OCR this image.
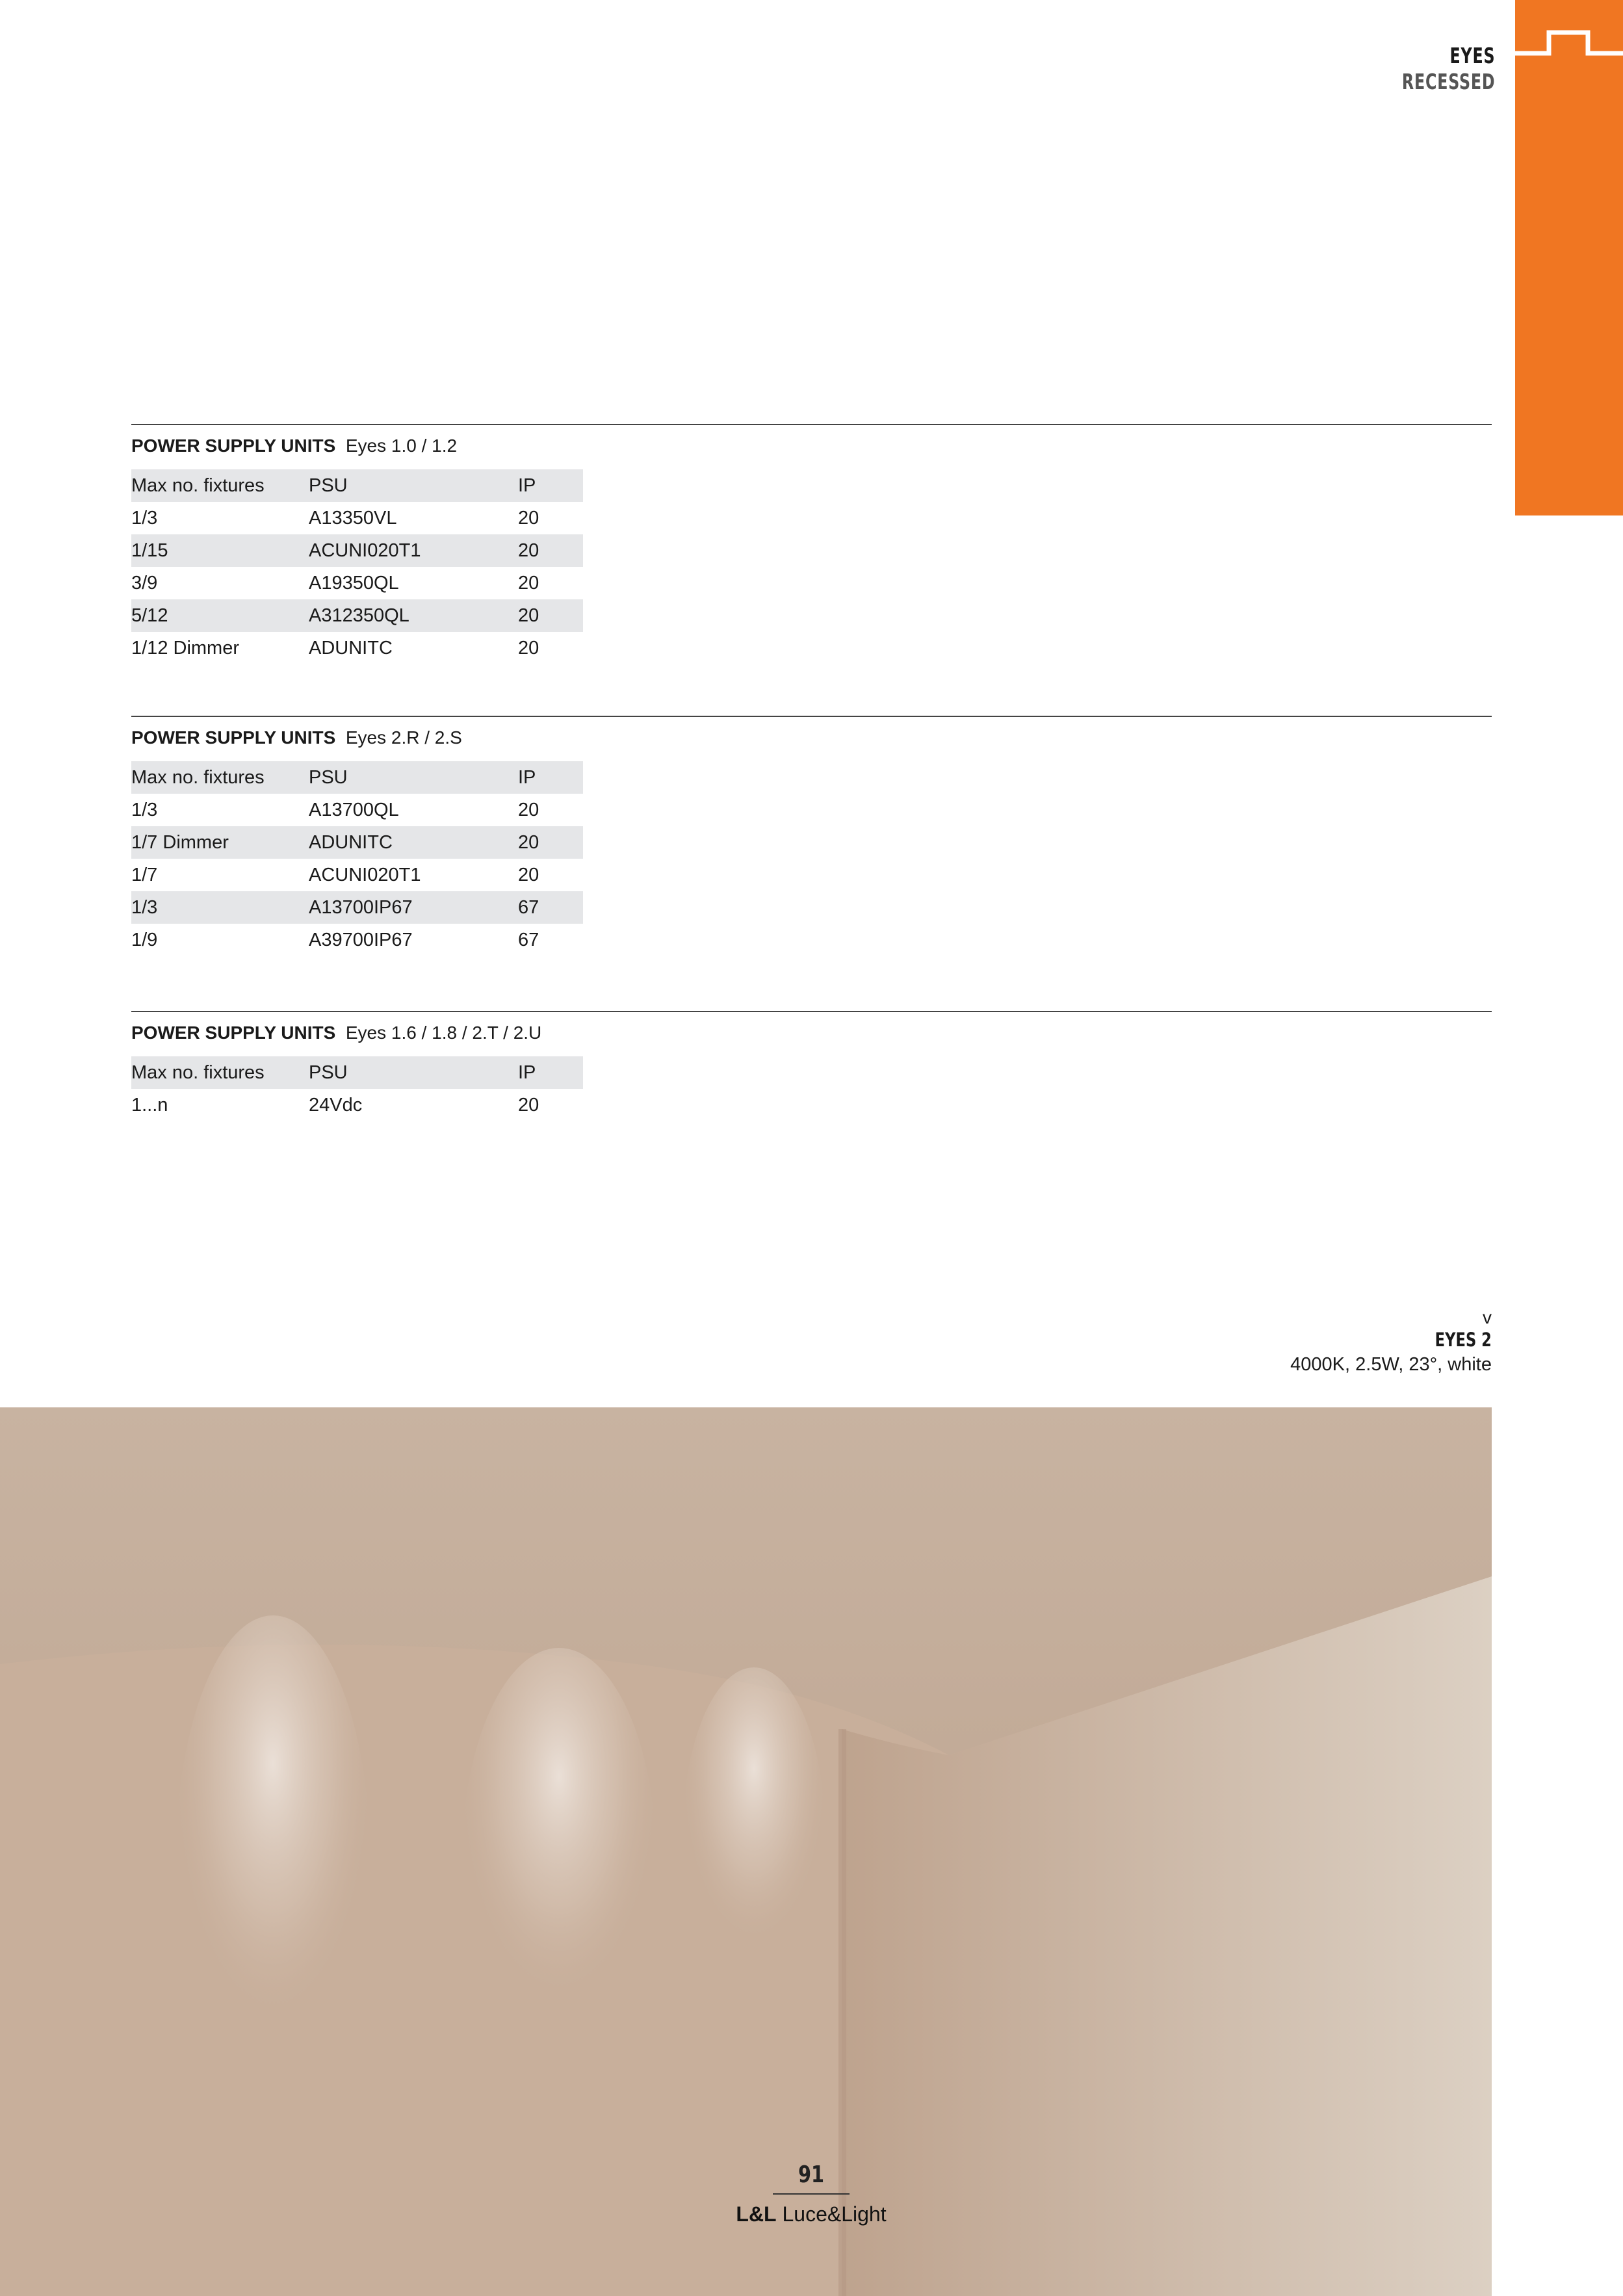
EYES
RECESSED
POWER SUPPLY UNITS Eyes 1.0 / 1.2
Max no. fixtures	PSU	IP
1/3	A13350VL	20
1/15	ACUNI020T1	20
3/9	A19350QL	20
5/12	A312350QL	20
1/12 Dimmer	ADUNITC	20
POWER SUPPLY UNITS Eyes 2.R / 2.S
Max no. fixtures	PSU	IP
1/3	A13700QL	20
1/7 Dimmer	ADUNITC	20
1/7	ACUNI020T1	20
1/3	A13700IP67	67
1/9	A39700IP67	67
POWER SUPPLY UNITS Eyes 1.6 / 1.8 / 2.T / 2.U
Max no. fixtures	PSU	IP
1...n	24Vdc	20
v
EYES 2
4000K, 2.5W, 23°, white
91
L&L Luce&Light
